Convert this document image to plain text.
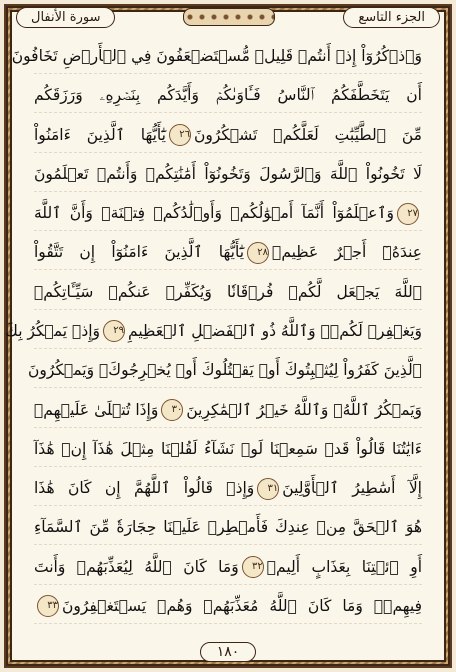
سورة الأنفال	الجزء التاسع
وَٱذۡكُرُوٓاْ إِذۡ أَنتُمۡ قَلِيلٞ مُّسۡتَضۡعَفُونَ فِي ٱلۡأَرۡضِ تَخَافُونَ
أَن يَتَخَطَّفَكُمُ ٱلنَّاسُ فَـَٔاوَىٰكُمۡ وَأَيَّدَكُم بِنَصۡرِهِۦ وَرَزَقَكُم
مِّنَ ٱلطَّيِّبَٰتِ لَعَلَّكُمۡ تَشۡكُرُونَ٢٦يَٰٓأَيُّهَا ٱلَّذِينَ ءَامَنُواْ
لَا تَخُونُواْ ٱللَّهَ وَٱلرَّسُولَ وَتَخُونُوٓاْ أَمَٰنَٰتِكُمۡ وَأَنتُمۡ تَعۡلَمُونَ
٢٧وَٱعۡلَمُوٓاْ أَنَّمَآ أَمۡوَٰلُكُمۡ وَأَوۡلَٰدُكُمۡ فِتۡنَةٞ وَأَنَّ ٱللَّهَ
عِندَهُۥٓ أَجۡرٌ عَظِيمٞ٢٨يَٰٓأَيُّهَا ٱلَّذِينَ ءَامَنُوٓاْ إِن تَتَّقُواْ
ٱللَّهَ يَجۡعَل لَّكُمۡ فُرۡقَانٗا وَيُكَفِّرۡ عَنكُمۡ سَيِّـَٔاتِكُمۡ
وَيَغۡفِرۡ لَكُمۡۗ وَٱللَّهُ ذُو ٱلۡفَضۡلِ ٱلۡعَظِيمِ٢٩وَإِذۡ يَمۡكُرُ بِكَ
ٱلَّذِينَ كَفَرُواْ لِيُثۡبِتُوكَ أَوۡ يَقۡتُلُوكَ أَوۡ يُخۡرِجُوكَۚ وَيَمۡكُرُونَ
وَيَمۡكُرُ ٱللَّهُۖ وَٱللَّهُ خَيۡرُ ٱلۡمَٰكِرِينَ٣٠وَإِذَا تُتۡلَىٰ عَلَيۡهِمۡ
ءَايَٰتُنَا قَالُواْ قَدۡ سَمِعۡنَا لَوۡ نَشَآءُ لَقُلۡنَا مِثۡلَ هَٰذَآ إِنۡ هَٰذَآ
إِلَّآ أَسَٰطِيرُ ٱلۡأَوَّلِينَ٣١وَإِذۡ قَالُواْ ٱللَّهُمَّ إِن كَانَ هَٰذَا
هُوَ ٱلۡحَقَّ مِنۡ عِندِكَ فَأَمۡطِرۡ عَلَيۡنَا حِجَارَةٗ مِّنَ ٱلسَّمَآءِ
أَوِ ٱئۡتِنَا بِعَذَابٍ أَلِيمٖ٣٢وَمَا كَانَ ٱللَّهُ لِيُعَذِّبَهُمۡ وَأَنتَ
فِيهِمۡۚ وَمَا كَانَ ٱللَّهُ مُعَذِّبَهُمۡ وَهُمۡ يَسۡتَغۡفِرُونَ٣٣
١٨٠
